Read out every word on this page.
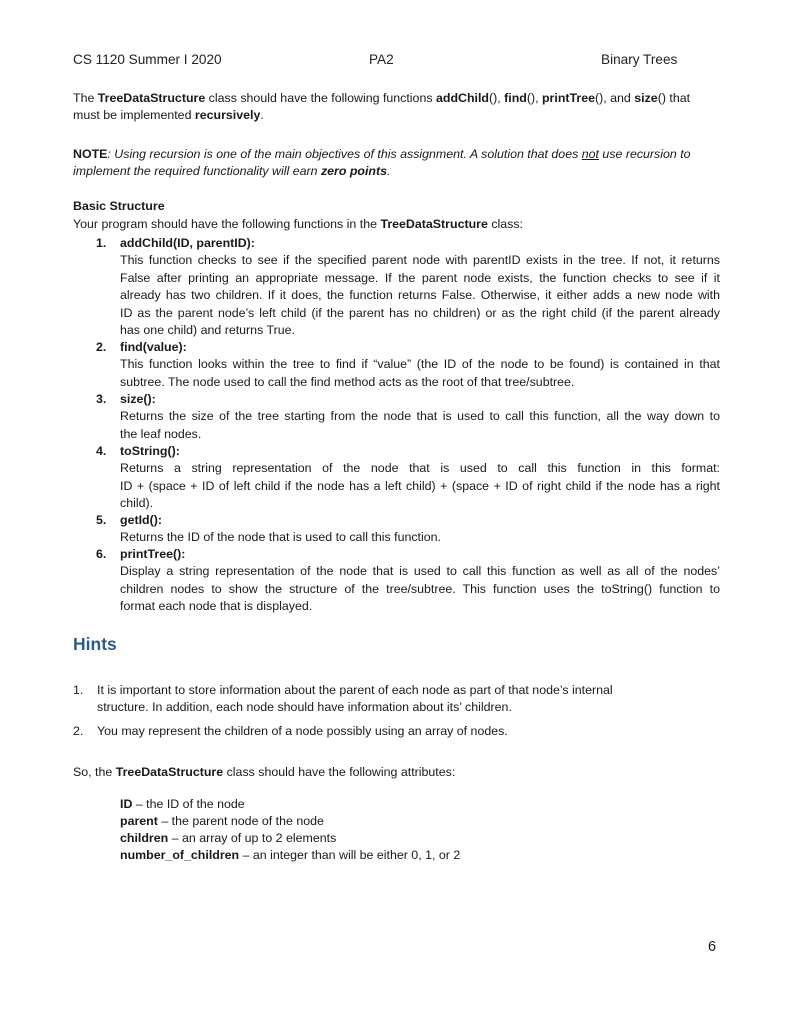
CS 1120 Summer I 2020	PA2	Binary Trees
The TreeDataStructure class should have the following functions addChild(), find(), printTree(), and size() that
must be implemented recursively.
NOTE: Using recursion is one of the main objectives of this assignment. A solution that does not use recursion to
implement the required functionality will earn zero points.
Basic Structure
Your program should have the following functions in the TreeDataStructure class:
1. addChild(ID, parentID):
This function checks to see if the specified parent node with parentID exists in the tree. If not, it returns
False after printing an appropriate message. If the parent node exists, the function checks to see if it
already has two children. If it does, the function returns False. Otherwise, it either adds a new node with
ID as the parent node’s left child (if the parent has no children) or as the right child (if the parent already
has one child) and returns True.
2. find(value):
This function looks within the tree to find if “value” (the ID of the node to be found) is contained in that
subtree. The node used to call the find method acts as the root of that tree/subtree.
3. size():
Returns the size of the tree starting from the node that is used to call this function, all the way down to
the leaf nodes.
4. toString():
Returns a string representation of the node that is used to call this function in this format:
ID + (space + ID of left child if the node has a left child) + (space + ID of right child if the node has a right
child).
5. getId():
Returns the ID of the node that is used to call this function.
6. printTree():
Display a string representation of the node that is used to call this function as well as all of the nodes’
children nodes to show the structure of the tree/subtree. This function uses the toString() function to
format each node that is displayed.
Hints
1. It is important to store information about the parent of each node as part of that node’s internal
structure. In addition, each node should have information about its’ children.
2. You may represent the children of a node possibly using an array of nodes.
So, the TreeDataStructure class should have the following attributes:
ID – the ID of the node
parent – the parent node of the node
children – an array of up to 2 elements
number_of_children – an integer than will be either 0, 1, or 2
6
